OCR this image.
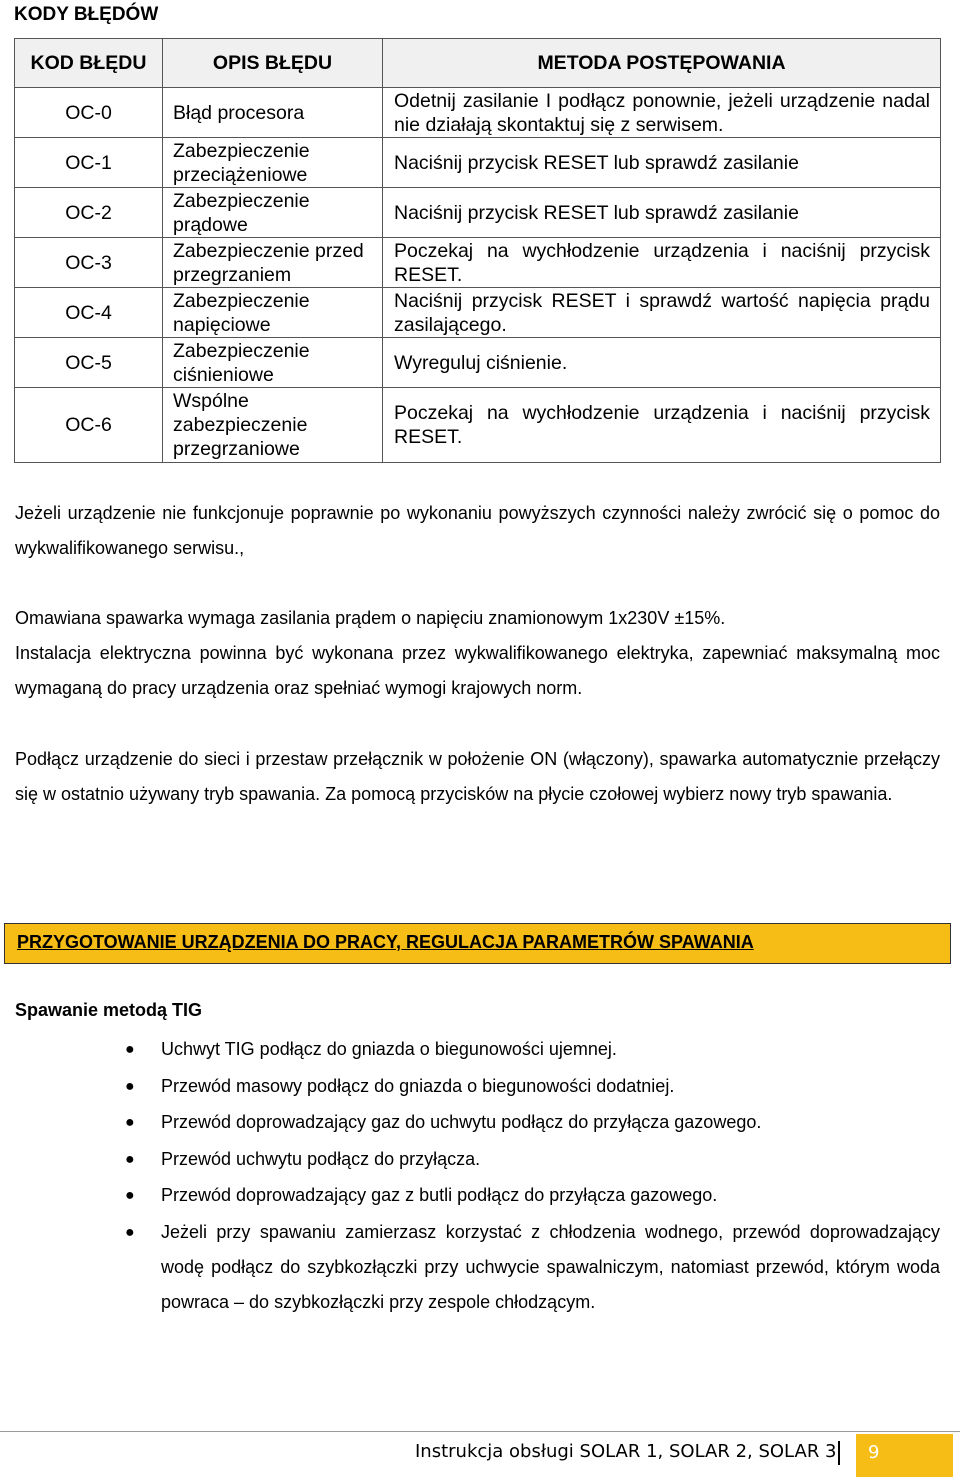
KODY BŁĘDÓW
KOD BŁĘDU	OPIS BŁĘDU	METODA POSTĘPOWANIA
OC-0	Błąd procesora	Odetnij zasilanie I podłącz ponownie, jeżeli urządzenie nadal nie działają skontaktuj się z serwisem.
OC-1	Zabezpieczenie przeciążeniowe	Naciśnij przycisk RESET lub sprawdź zasilanie
OC-2	Zabezpieczenie prądowe	Naciśnij przycisk RESET lub sprawdź zasilanie
OC-3	Zabezpieczenie przed przegrzaniem	Poczekaj na wychłodzenie urządzenia i naciśnij przycisk RESET.
OC-4	Zabezpieczenie napięciowe	Naciśnij przycisk RESET i sprawdź wartość napięcia prądu zasilającego.
OC-5	Zabezpieczenie ciśnieniowe	Wyreguluj ciśnienie.
OC-6	Wspólne zabezpieczenie przegrzaniowe	Poczekaj na wychłodzenie urządzenia i naciśnij przycisk RESET.

Jeżeli urządzenie nie funkcjonuje poprawnie po wykonaniu powyższych czynności należy zwrócić się o pomoc do wykwalifikowanego serwisu.,

Omawiana spawarka wymaga zasilania prądem o napięciu znamionowym 1x230V ±15%.

Instalacja elektryczna powinna być wykonana przez wykwalifikowanego elektryka, zapewniać maksymalną moc wymaganą do pracy urządzenia oraz spełniać wymogi krajowych norm.

Podłącz urządzenie do sieci i przestaw przełącznik w położenie ON (włączony), spawarka automatycznie przełączy się w ostatnio używany tryb spawania. Za pomocą przycisków na płycie czołowej wybierz nowy tryb spawania.

PRZYGOTOWANIE URZĄDZENIA DO PRACY, REGULACJA PARAMETRÓW SPAWANIA
Spawanie metodą TIG
● Uchwyt TIG podłącz do gniazda o biegunowości ujemnej.
● Przewód masowy podłącz do gniazda o biegunowości dodatniej.
● Przewód doprowadzający gaz do uchwytu podłącz do przyłącza gazowego.
● Przewód uchwytu podłącz do przyłącza.
● Przewód doprowadzający gaz z butli podłącz do przyłącza gazowego.
● Jeżeli przy spawaniu zamierzasz korzystać z chłodzenia wodnego, przewód doprowadzający wodę podłącz do szybkozłączki przy uchwycie spawalniczym, natomiast przewód, którym woda powraca – do szybkozłączki przy zespole chłodzącym.
Instrukcja obsługi SOLAR 1, SOLAR 2, SOLAR 3 9
